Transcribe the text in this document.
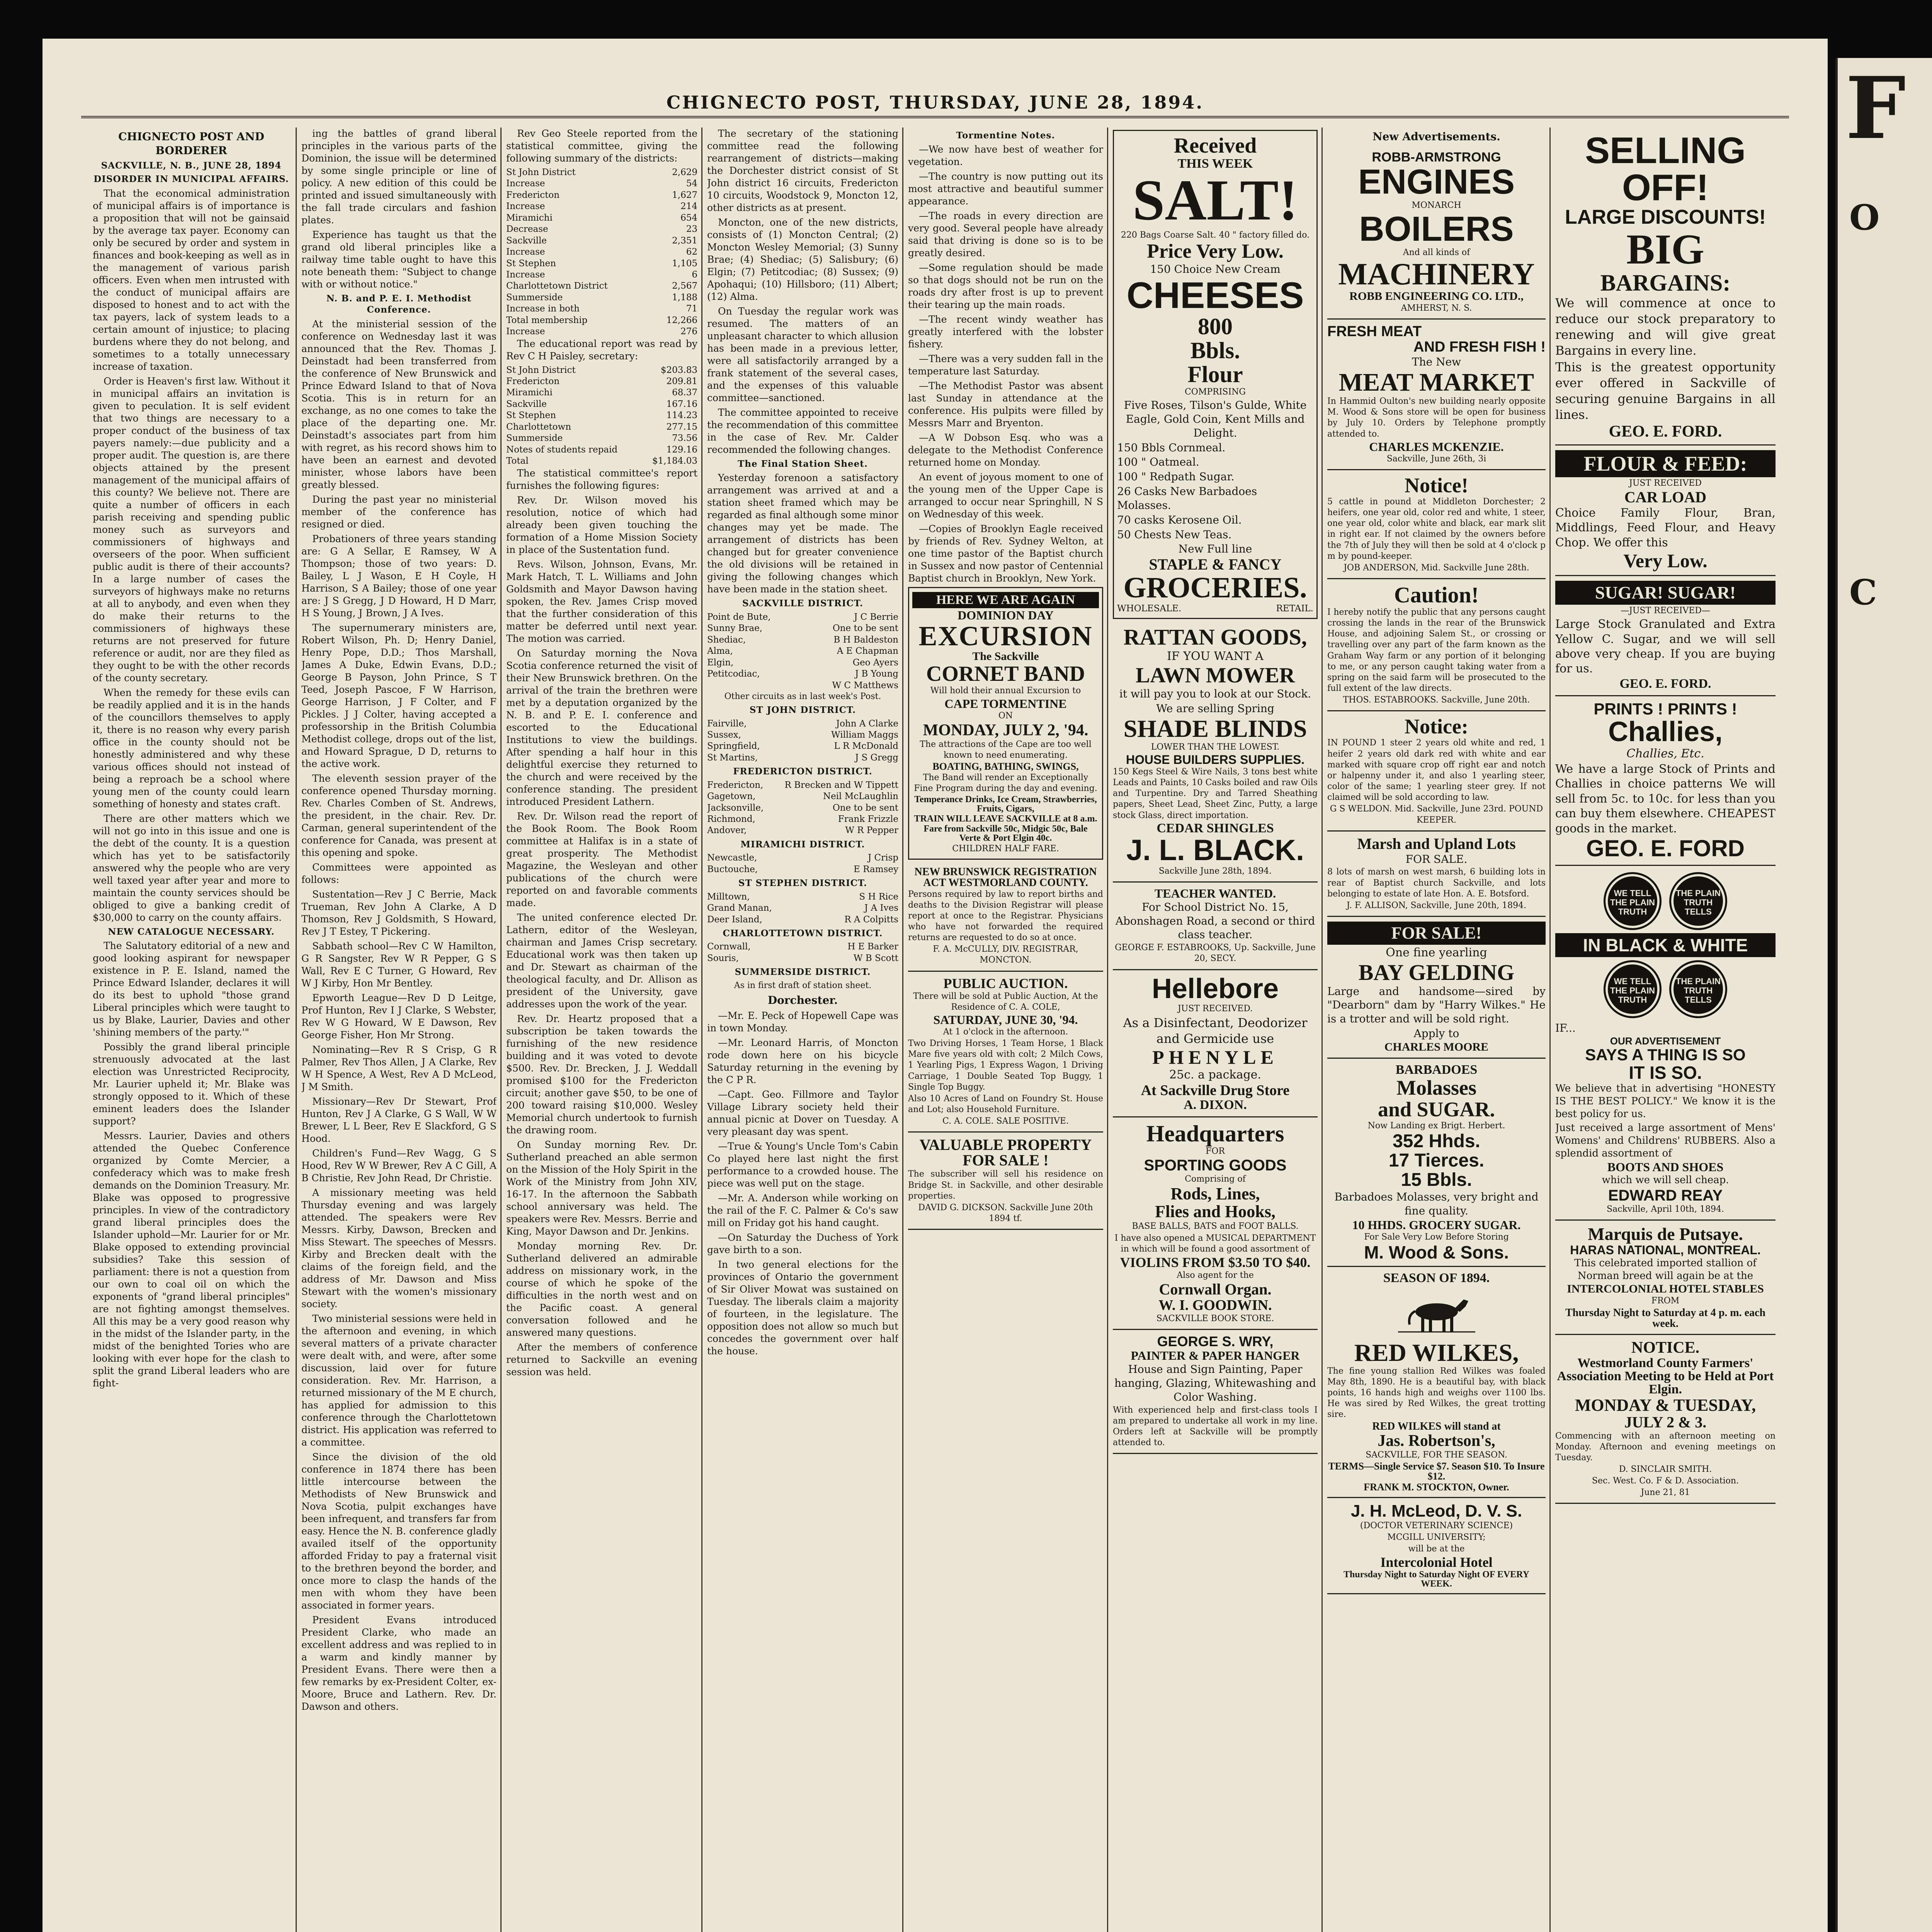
CHIGNECTO POST, THURSDAY, JUNE 28, 1894.
CHIGNECTO POST AND BORDERER
SACKVILLE, N. B., JUNE 28, 1894
DISORDER IN MUNICIPAL AFFAIRS.

That the economical administration of municipal affairs is of importance is a proposition that will not be gainsaid by the average tax payer. Economy can only be secured by order and system in finances and book-keeping as well as in the management of various parish officers. Even when men intrusted with the conduct of municipal affairs are disposed to honest and to act with the tax payers, lack of system leads to a certain amount of injustice; to placing burdens where they do not belong, and sometimes to a totally unnecessary increase of taxation.

Order is Heaven's first law. Without it in municipal affairs an invitation is given to peculation. It is self evident that two things are necessary to a proper conduct of the business of tax payers namely:—due publicity and a proper audit. The question is, are there objects attained by the present management of the municipal affairs of this county? We believe not. There are quite a number of officers in each parish receiving and spending public money such as surveyors and commissioners of highways and overseers of the poor. When sufficient public audit is there of their accounts? In a large number of cases the surveyors of highways make no returns at all to anybody, and even when they do make their returns to the commissioners of highways these returns are not preserved for future reference or audit, nor are they filed as they ought to be with the other records of the county secretary.

When the remedy for these evils can be readily applied and it is in the hands of the councillors themselves to apply it, there is no reason why every parish office in the county should not be honestly administered and why these various offices should not instead of being a reproach be a school where young men of the county could learn something of honesty and states craft.

There are other matters which we will not go into in this issue and one is the debt of the county. It is a question which has yet to be satisfactorily answered why the people who are very well taxed year after year and more to maintain the county services should be obliged to give a banking credit of $30,000 to carry on the county affairs.

NEW CATALOGUE NECESSARY.

The Salutatory editorial of a new and good looking aspirant for newspaper existence in P. E. Island, named the Prince Edward Islander, declares it will do its best to uphold "those grand Liberal principles which were taught to us by Blake, Laurier, Davies and other 'shining members of the party.'"

Possibly the grand liberal principle strenuously advocated at the last election was Unrestricted Reciprocity, Mr. Laurier upheld it; Mr. Blake was strongly opposed to it. Which of these eminent leaders does the Islander support?

Messrs. Laurier, Davies and others attended the Quebec Conference organized by Comte Mercier, a confederacy which was to make fresh demands on the Dominion Treasury. Mr. Blake was opposed to progressive principles. In view of the contradictory grand liberal principles does the Islander uphold—Mr. Laurier for or Mr. Blake opposed to extending provincial subsidies? Take this session of parliament: there is not a question from our own to coal oil on which the exponents of "grand liberal principles" are not fighting amongst themselves. All this may be a very good reason why in the midst of the Islander party, in the midst of the benighted Tories who are looking with ever hope for the clash to split the grand Liberal leaders who are fight-

ing the battles of grand liberal principles in the various parts of the Dominion, the issue will be determined by some single principle or line of policy. A new edition of this could be printed and issued simultaneously with the fall trade circulars and fashion plates.

Experience has taught us that the grand old liberal principles like a railway time table ought to have this note beneath them: "Subject to change with or without notice."

N. B. and P. E. I. Methodist Conference.

At the ministerial session of the conference on Wednesday last it was announced that the Rev. Thomas J. Deinstadt had been transferred from the conference of New Brunswick and Prince Edward Island to that of Nova Scotia. This is in return for an exchange, as no one comes to take the place of the departing one. Mr. Deinstadt's associates part from him with regret, as his record shows him to have been an earnest and devoted minister, whose labors have been greatly blessed.

During the past year no ministerial member of the conference has resigned or died.

Probationers of three years standing are: G A Sellar, E Ramsey, W A Thompson; those of two years: D. Bailey, L J Wason, E H Coyle, H Harrison, S A Bailey; those of one year are: J S Gregg, J D Howard, H D Marr, H S Young, J Brown, J A Ives.

The supernumerary ministers are, Robert Wilson, Ph. D; Henry Daniel, Henry Pope, D.D.; Thos Marshall, James A Duke, Edwin Evans, D.D.; George B Payson, John Prince, S T Teed, Joseph Pascoe, F W Harrison, George Harrison, J F Colter, and F Pickles. J J Colter, having accepted a professorship in the British Columbia Methodist college, drops out of the list, and Howard Sprague, D D, returns to the active work.

The eleventh session prayer of the conference opened Thursday morning. Rev. Charles Comben of St. Andrews, the president, in the chair. Rev. Dr. Carman, general superintendent of the conference for Canada, was present at this opening and spoke.

Committees were appointed as follows:

Sustentation—Rev J C Berrie, Mack Trueman, Rev John A Clarke, A D Thomson, Rev J Goldsmith, S Howard, Rev J T Estey, T Pickering.

Sabbath school—Rev C W Hamilton, G R Sangster, Rev W R Pepper, G S Wall, Rev E C Turner, G Howard, Rev W J Kirby, Hon Mr Bentley.

Epworth League—Rev D D Leitge, Prof Hunton, Rev I J Clarke, S Webster, Rev W G Howard, W E Dawson, Rev George Fisher, Hon Mr Strong.

Nominating—Rev R S Crisp, G R Palmer, Rev Thos Allen, J A Clarke, Rev W H Spence, A West, Rev A D McLeod, J M Smith.

Missionary—Rev Dr Stewart, Prof Hunton, Rev J A Clarke, G S Wall, W W Brewer, L L Beer, Rev E Slackford, G S Hood.

Children's Fund—Rev Wagg, G S Hood, Rev W W Brewer, Rev A C Gill, A B Christie, Rev John Read, Dr Christie.

A missionary meeting was held Thursday evening and was largely attended. The speakers were Rev Messrs. Kirby, Dawson, Brecken and Miss Stewart. The speeches of Messrs. Kirby and Brecken dealt with the claims of the foreign field, and the address of Mr. Dawson and Miss Stewart with the women's missionary society.

Two ministerial sessions were held in the afternoon and evening, in which several matters of a private character were dealt with, and were, after some discussion, laid over for future consideration. Rev. Mr. Harrison, a returned missionary of the M E church, has applied for admission to this conference through the Charlottetown district. His application was referred to a committee.

Since the division of the old conference in 1874 there has been little intercourse between the Methodists of New Brunswick and Nova Scotia, pulpit exchanges have been infrequent, and transfers far from easy. Hence the N. B. conference gladly availed itself of the opportunity afforded Friday to pay a fraternal visit to the brethren beyond the border, and once more to clasp the hands of the men with whom they have been associated in former years.

President Evans introduced President Clarke, who made an excellent address and was replied to in a warm and kindly manner by President Evans. There were then a few remarks by ex-President Colter, ex-Moore, Bruce and Lathern. Rev. Dr. Dawson and others.

Rev Geo Steele reported from the statistical committee, giving the following summary of the districts:

St John District	2,629
Increase	54
Fredericton	1,627
Increase	214
Miramichi	654
Decrease	23
Sackville	2,351
Increase	62
St Stephen	1,105
Increase	6
Charlottetown District	2,567
Summerside	1,188
Increase in both	71
Total membership	12,266
Increase	276

The educational report was read by Rev C H Paisley, secretary:

St John District	$203.83
Fredericton	209.81
Miramichi	68.37
Sackville	167.16
St Stephen	114.23
Charlottetown	277.15
Summerside	73.56
Notes of students repaid	129.16
Total	$1,184.03

The statistical committee's report furnishes the following figures:

Rev. Dr. Wilson moved his resolution, notice of which had already been given touching the formation of a Home Mission Society in place of the Sustentation fund.

Revs. Wilson, Johnson, Evans, Mr. Mark Hatch, T. L. Williams and John Goldsmith and Mayor Dawson having spoken, the Rev. James Crisp moved that the further consideration of this matter be deferred until next year. The motion was carried.

On Saturday morning the Nova Scotia conference returned the visit of their New Brunswick brethren. On the arrival of the train the brethren were met by a deputation organized by the N. B. and P. E. I. conference and escorted to the Educational Institutions to view the buildings. After spending a half hour in this delightful exercise they returned to the church and were received by the conference standing. The president introduced President Lathern.

Rev. Dr. Wilson read the report of the Book Room. The Book Room committee at Halifax is in a state of great prosperity. The Methodist Magazine, the Wesleyan and other publications of the church were reported on and favorable comments made.

The united conference elected Dr. Lathern, editor of the Wesleyan, chairman and James Crisp secretary. Educational work was then taken up and Dr. Stewart as chairman of the theological faculty, and Dr. Allison as president of the University, gave addresses upon the work of the year.

Rev. Dr. Heartz proposed that a subscription be taken towards the furnishing of the new residence building and it was voted to devote $500. Rev. Dr. Brecken, J. J. Weddall promised $100 for the Fredericton circuit; another gave $50, to be one of 200 toward raising $10,000. Wesley Memorial church undertook to furnish the drawing room.

On Sunday morning Rev. Dr. Sutherland preached an able sermon on the Mission of the Holy Spirit in the Work of the Ministry from John XIV, 16-17. In the afternoon the Sabbath school anniversary was held. The speakers were Rev. Messrs. Berrie and King, Mayor Dawson and Dr. Jenkins.

Monday morning Rev. Dr. Sutherland delivered an admirable address on missionary work, in the course of which he spoke of the difficulties in the north west and on the Pacific coast. A general conversation followed and he answered many questions.

After the members of conference returned to Sackville an evening session was held.

The secretary of the stationing committee read the following rearrangement of districts—making the Dorchester district consist of St John district 16 circuits, Fredericton 10 circuits, Woodstock 9, Moncton 12, other districts as at present.

Moncton, one of the new districts, consists of (1) Moncton Central; (2) Moncton Wesley Memorial; (3) Sunny Brae; (4) Shediac; (5) Salisbury; (6) Elgin; (7) Petitcodiac; (8) Sussex; (9) Apohaqui; (10) Hillsboro; (11) Albert; (12) Alma.

On Tuesday the regular work was resumed. The matters of an unpleasant character to which allusion has been made in a previous letter, were all satisfactorily arranged by a frank statement of the several cases, and the expenses of this valuable committee—sanctioned.

The committee appointed to receive the recommendation of this committee in the case of Rev. Mr. Calder recommended the following changes.

The Final Station Sheet.

Yesterday forenoon a satisfactory arrangement was arrived at and a station sheet framed which may be regarded as final although some minor changes may yet be made. The arrangement of districts has been changed but for greater convenience the old divisions will be retained in giving the following changes which have been made in the station sheet.

SACKVILLE DISTRICT.
Point de Bute,	J C Berrie
Sunny Brae,	One to be sent
Shediac,	B H Baldeston
Alma,	A E Chapman
Elgin,	Geo Ayers
Petitcodiac,	J B Young
W C Matthews

Other circuits as in last week's Post.

ST JOHN DISTRICT.
Fairville,	John A Clarke
Sussex,	William Maggs
Springfield,	L R McDonald
St Martins,	J S Gregg
FREDERICTON DISTRICT.
Fredericton, R Brecken and W Tippett
Gagetown,	Neil McLaughlin
Jacksonville,	One to be sent
Richmond,	Frank Frizzle
Andover,	W R Pepper
MIRAMICHI DISTRICT.
Newcastle,	J Crisp
Buctouche,	E Ramsey
ST STEPHEN DISTRICT.
Milltown,	S H Rice
Grand Manan,	J A Ives
Deer Island,	R A Colpitts
CHARLOTTETOWN DISTRICT.
Cornwall,	H E Barker
Souris,	W B Scott
SUMMERSIDE DISTRICT.

As in first draft of station sheet.

Dorchester.

—Mr. E. Peck of Hopewell Cape was in town Monday.

—Mr. Leonard Harris, of Moncton rode down here on his bicycle Saturday returning in the evening by the C P R.

—Capt. Geo. Fillmore and Taylor Village Library society held their annual picnic at Dover on Tuesday. A very pleasant day was spent.

—True & Young's Uncle Tom's Cabin Co played here last night the first performance to a crowded house. The piece was well put on the stage.

—Mr. A. Anderson while working on the rail of the F. C. Palmer & Co's saw mill on Friday got his hand caught.

—On Saturday the Duchess of York gave birth to a son.

In two general elections for the provinces of Ontario the government of Sir Oliver Mowat was sustained on Tuesday. The liberals claim a majority of fourteen, in the legislature. The opposition does not allow so much but concedes the government over half the house.

Tormentine Notes.

—We now have best of weather for vegetation.

—The country is now putting out its most attractive and beautiful summer appearance.

—The roads in every direction are very good. Several people have already said that driving is done so is to be greatly desired.

—Some regulation should be made so that dogs should not be run on the roads dry after frost is up to prevent their tearing up the main roads.

—The recent windy weather has greatly interfered with the lobster fishery.

—There was a very sudden fall in the temperature last Saturday.

—The Methodist Pastor was absent last Sunday in attendance at the conference. His pulpits were filled by Messrs Marr and Bryenton.

—A W Dobson Esq. who was a delegate to the Methodist Conference returned home on Monday.

An event of joyous moment to one of the young men of the Upper Cape is arranged to occur near Springhill, N S on Wednesday of this week.

—Copies of Brooklyn Eagle received by friends of Rev. Sydney Welton, at one time pastor of the Baptist church in Sussex and now pastor of Centennial Baptist church in Brooklyn, New York.

HERE WE ARE AGAIN

DOMINION DAY

EXCURSION

The Sackville

CORNET BAND

Will hold their annual Excursion to

CAPE TORMENTINE

ON

MONDAY, JULY 2, '94.

The attractions of the Cape are too well known to need enumerating.

BOATING, BATHING, SWINGS,

The Band will render an Exceptionally Fine Program during the day and evening.

Temperance Drinks, Ice Cream, Strawberries, Fruits, Cigars,

TRAIN WILL LEAVE SACKVILLE at 8 a.m.

Fare from Sackville 50c, Midgic 50c, Bale Verte & Port Elgin 40c.

CHILDREN HALF FARE.

NEW BRUNSWICK REGISTRATION ACT WESTMORLAND COUNTY.

Persons required by law to report births and deaths to the Division Registrar will please report at once to the Registrar. Physicians who have not forwarded the required returns are requested to do so at once.

F. A. McCULLY, DIV. REGISTRAR, MONCTON.

PUBLIC AUCTION.

There will be sold at Public Auction, At the Residence of C. A. COLE,

SATURDAY, JUNE 30, '94.

At 1 o'clock in the afternoon.

Two Driving Horses, 1 Team Horse, 1 Black Mare five years old with colt; 2 Milch Cows, 1 Yearling Pigs, 1 Express Wagon, 1 Driving Carriage, 1 Double Seated Top Buggy, 1 Single Top Buggy.

Also 10 Acres of Land on Foundry St. House and Lot; also Household Furniture.

C. A. COLE. SALE POSITIVE.

VALUABLE PROPERTY FOR SALE !

The subscriber will sell his residence on Bridge St. in Sackville, and other desirable properties.

DAVID G. DICKSON. Sackville June 20th 1894 tf.

Received

THIS WEEK

SALT!

220 Bags Coarse Salt. 40 " factory filled do.

Price Very Low.

150 Choice New Cream

CHEESES

800

Bbls.

Flour

COMPRISING

Five Roses, Tilson's Gulde, White Eagle, Gold Coin, Kent Mills and Delight.

150 Bbls Cornmeal.

100 " Oatmeal.

100 " Redpath Sugar.

26 Casks New Barbadoes Molasses.

70 casks Kerosene Oil.

50 Chests New Teas.

New Full line

STAPLE & FANCY

GROCERIES.

WHOLESALE.	RETAIL.

RATTAN GOODS,

IF YOU WANT A

LAWN MOWER

it will pay you to look at our Stock.

We are selling Spring

SHADE BLINDS

LOWER THAN THE LOWEST.

HOUSE BUILDERS SUPPLIES.

150 Kegs Steel & Wire Nails, 3 tons best white Leads and Paints, 10 Casks boiled and raw Oils and Turpentine. Dry and Tarred Sheathing papers, Sheet Lead, Sheet Zinc, Putty, a large stock Glass, direct importation.

CEDAR SHINGLES

J. L. BLACK.

Sackville June 28th, 1894.

TEACHER WANTED.

For School District No. 15, Abonshagen Road, a second or third class teacher.

GEORGE F. ESTABROOKS, Up. Sackville, June 20, SECY.

Hellebore

JUST RECEIVED.

As a Disinfectant, Deodorizer and Germicide use

PHENYLE

25c. a package.

At Sackville Drug Store

A. DIXON.

Headquarters

FOR

SPORTING GOODS

Comprising of

Rods, Lines,

Flies and Hooks,

BASE BALLS, BATS and FOOT BALLS.

I have also opened a MUSICAL DEPARTMENT in which will be found a good assortment of

VIOLINS FROM $3.50 TO $40.

Also agent for the

Cornwall Organ.

W. I. GOODWIN.

SACKVILLE BOOK STORE.

GEORGE S. WRY,

PAINTER & PAPER HANGER

House and Sign Painting, Paper hanging, Glazing, Whitewashing and Color Washing.

With experienced help and first-class tools I am prepared to undertake all work in my line. Orders left at Sackville will be promptly attended to.

New Advertisements.

ROBB-ARMSTRONG

ENGINES

MONARCH

BOILERS

And all kinds of

MACHINERY

ROBB ENGINEERING CO. LTD.,

AMHERST, N. S.

FRESH MEAT

AND FRESH FISH !

The New

MEAT MARKET

In Hammid Oulton's new building nearly opposite M. Wood & Sons store will be open for business by July 10. Orders by Telephone promptly attended to.

CHARLES MCKENZIE.

Sackville, June 26th, 3i

Notice!

5 cattle in pound at Middleton Dorchester; 2 heifers, one year old, color red and white, 1 steer, one year old, color white and black, ear mark slit in right ear. If not claimed by the owners before the 7th of July they will then be sold at 4 o'clock p m by pound-keeper.

JOB ANDERSON, Mid. Sackville June 28th.

Caution!

I hereby notify the public that any persons caught crossing the lands in the rear of the Brunswick House, and adjoining Salem St., or crossing or travelling over any part of the farm known as the Graham Way farm or any portion of it belonging to me, or any person caught taking water from a spring on the said farm will be prosecuted to the full extent of the law directs.

THOS. ESTABROOKS. Sackville, June 20th.

Notice:

IN POUND 1 steer 2 years old white and red, 1 heifer 2 years old dark red with white and ear marked with square crop off right ear and notch or halpenny under it, and also 1 yearling steer, color of the same; 1 yearling steer grey. If not claimed will be sold according to law.

G S WELDON. Mid. Sackville, June 23rd. POUND KEEPER.

Marsh and Upland Lots

FOR SALE.

8 lots of marsh on west marsh, 6 building lots in rear of Baptist church Sackville, and lots belonging to estate of late Hon. A. E. Botsford.

J. F. ALLISON, Sackville, June 20th, 1894.

FOR SALE!

One fine yearling

BAY GELDING

Large and handsome—sired by "Dearborn" dam by "Harry Wilkes." He is a trotter and will be sold right.

Apply to

CHARLES MOORE

BARBADOES

Molasses

and SUGAR.

Now Landing ex Brigt. Herbert.

352 Hhds.

17 Tierces.

15 Bbls.

Barbadoes Molasses, very bright and fine quality.

10 HHDS. GROCERY SUGAR.

For Sale Very Low Before Storing

M. Wood & Sons.

SEASON OF 1894.

RED WILKES,

The fine young stallion Red Wilkes was foaled May 8th, 1890. He is a beautiful bay, with black points, 16 hands high and weighs over 1100 lbs. He was sired by Red Wilkes, the great trotting sire.

RED WILKES will stand at

Jas. Robertson's,

SACKVILLE, FOR THE SEASON.

TERMS—Single Service $7. Season $10. To Insure $12.

FRANK M. STOCKTON, Owner.

J. H. McLeod, D. V. S.

(DOCTOR VETERINARY SCIENCE)

MCGILL UNIVERSITY;

will be at the

Intercolonial Hotel

Thursday Night to Saturday Night OF EVERY WEEK.

SELLING OFF!

LARGE DISCOUNTS!

BIG

BARGAINS:

We will commence at once to reduce our stock preparatory to renewing and will give great Bargains in every line.

This is the greatest opportunity ever offered in Sackville of securing genuine Bargains in all lines.

GEO. E. FORD.

FLOUR & FEED:

JUST RECEIVED

CAR LOAD

Choice Family Flour, Bran, Middlings, Feed Flour, and Heavy Chop. We offer this

Very Low.

SUGAR! SUGAR!

—JUST RECEIVED—

Large Stock Granulated and Extra Yellow C. Sugar, and we will sell above very cheap. If you are buying for us.

GEO. E. FORD.

PRINTS ! PRINTS !

Challies,

Challies, Etc.

We have a large Stock of Prints and Challies in choice patterns We will sell from 5c. to 10c. for less than you can buy them elsewhere. CHEAPEST goods in the market.

GEO. E. FORD

WE TELL THE PLAIN TRUTH THE PLAIN TRUTH TELLS

IN BLACK & WHITE

WE TELL THE PLAIN TRUTH THE PLAIN TRUTH TELLS

IF...

OUR ADVERTISEMENT

SAYS A THING IS SO

IT IS SO.

We believe that in advertising "HONESTY IS THE BEST POLICY." We know it is the best policy for us.

Just received a large assortment of Mens' Womens' and Childrens' RUBBERS. Also a splendid assortment of

BOOTS AND SHOES

which we will sell cheap.

EDWARD REAY

Sackville, April 10th, 1894.

Marquis de Putsaye.

HARAS NATIONAL, MONTREAL.

This celebrated imported stallion of Norman breed will again be at the

INTERCOLONIAL HOTEL STABLES

FROM

Thursday Night to Saturday at 4 p. m. each week.

NOTICE.

Westmorland County Farmers' Association Meeting to be Held at Port Elgin.

MONDAY & TUESDAY,

JULY 2 & 3.

Commencing with an afternoon meeting on Monday. Afternoon and evening meetings on Tuesday.

D. SINCLAIR SMITH.

Sec. West. Co. F & D. Association.

June 21, 81

F
O
C
